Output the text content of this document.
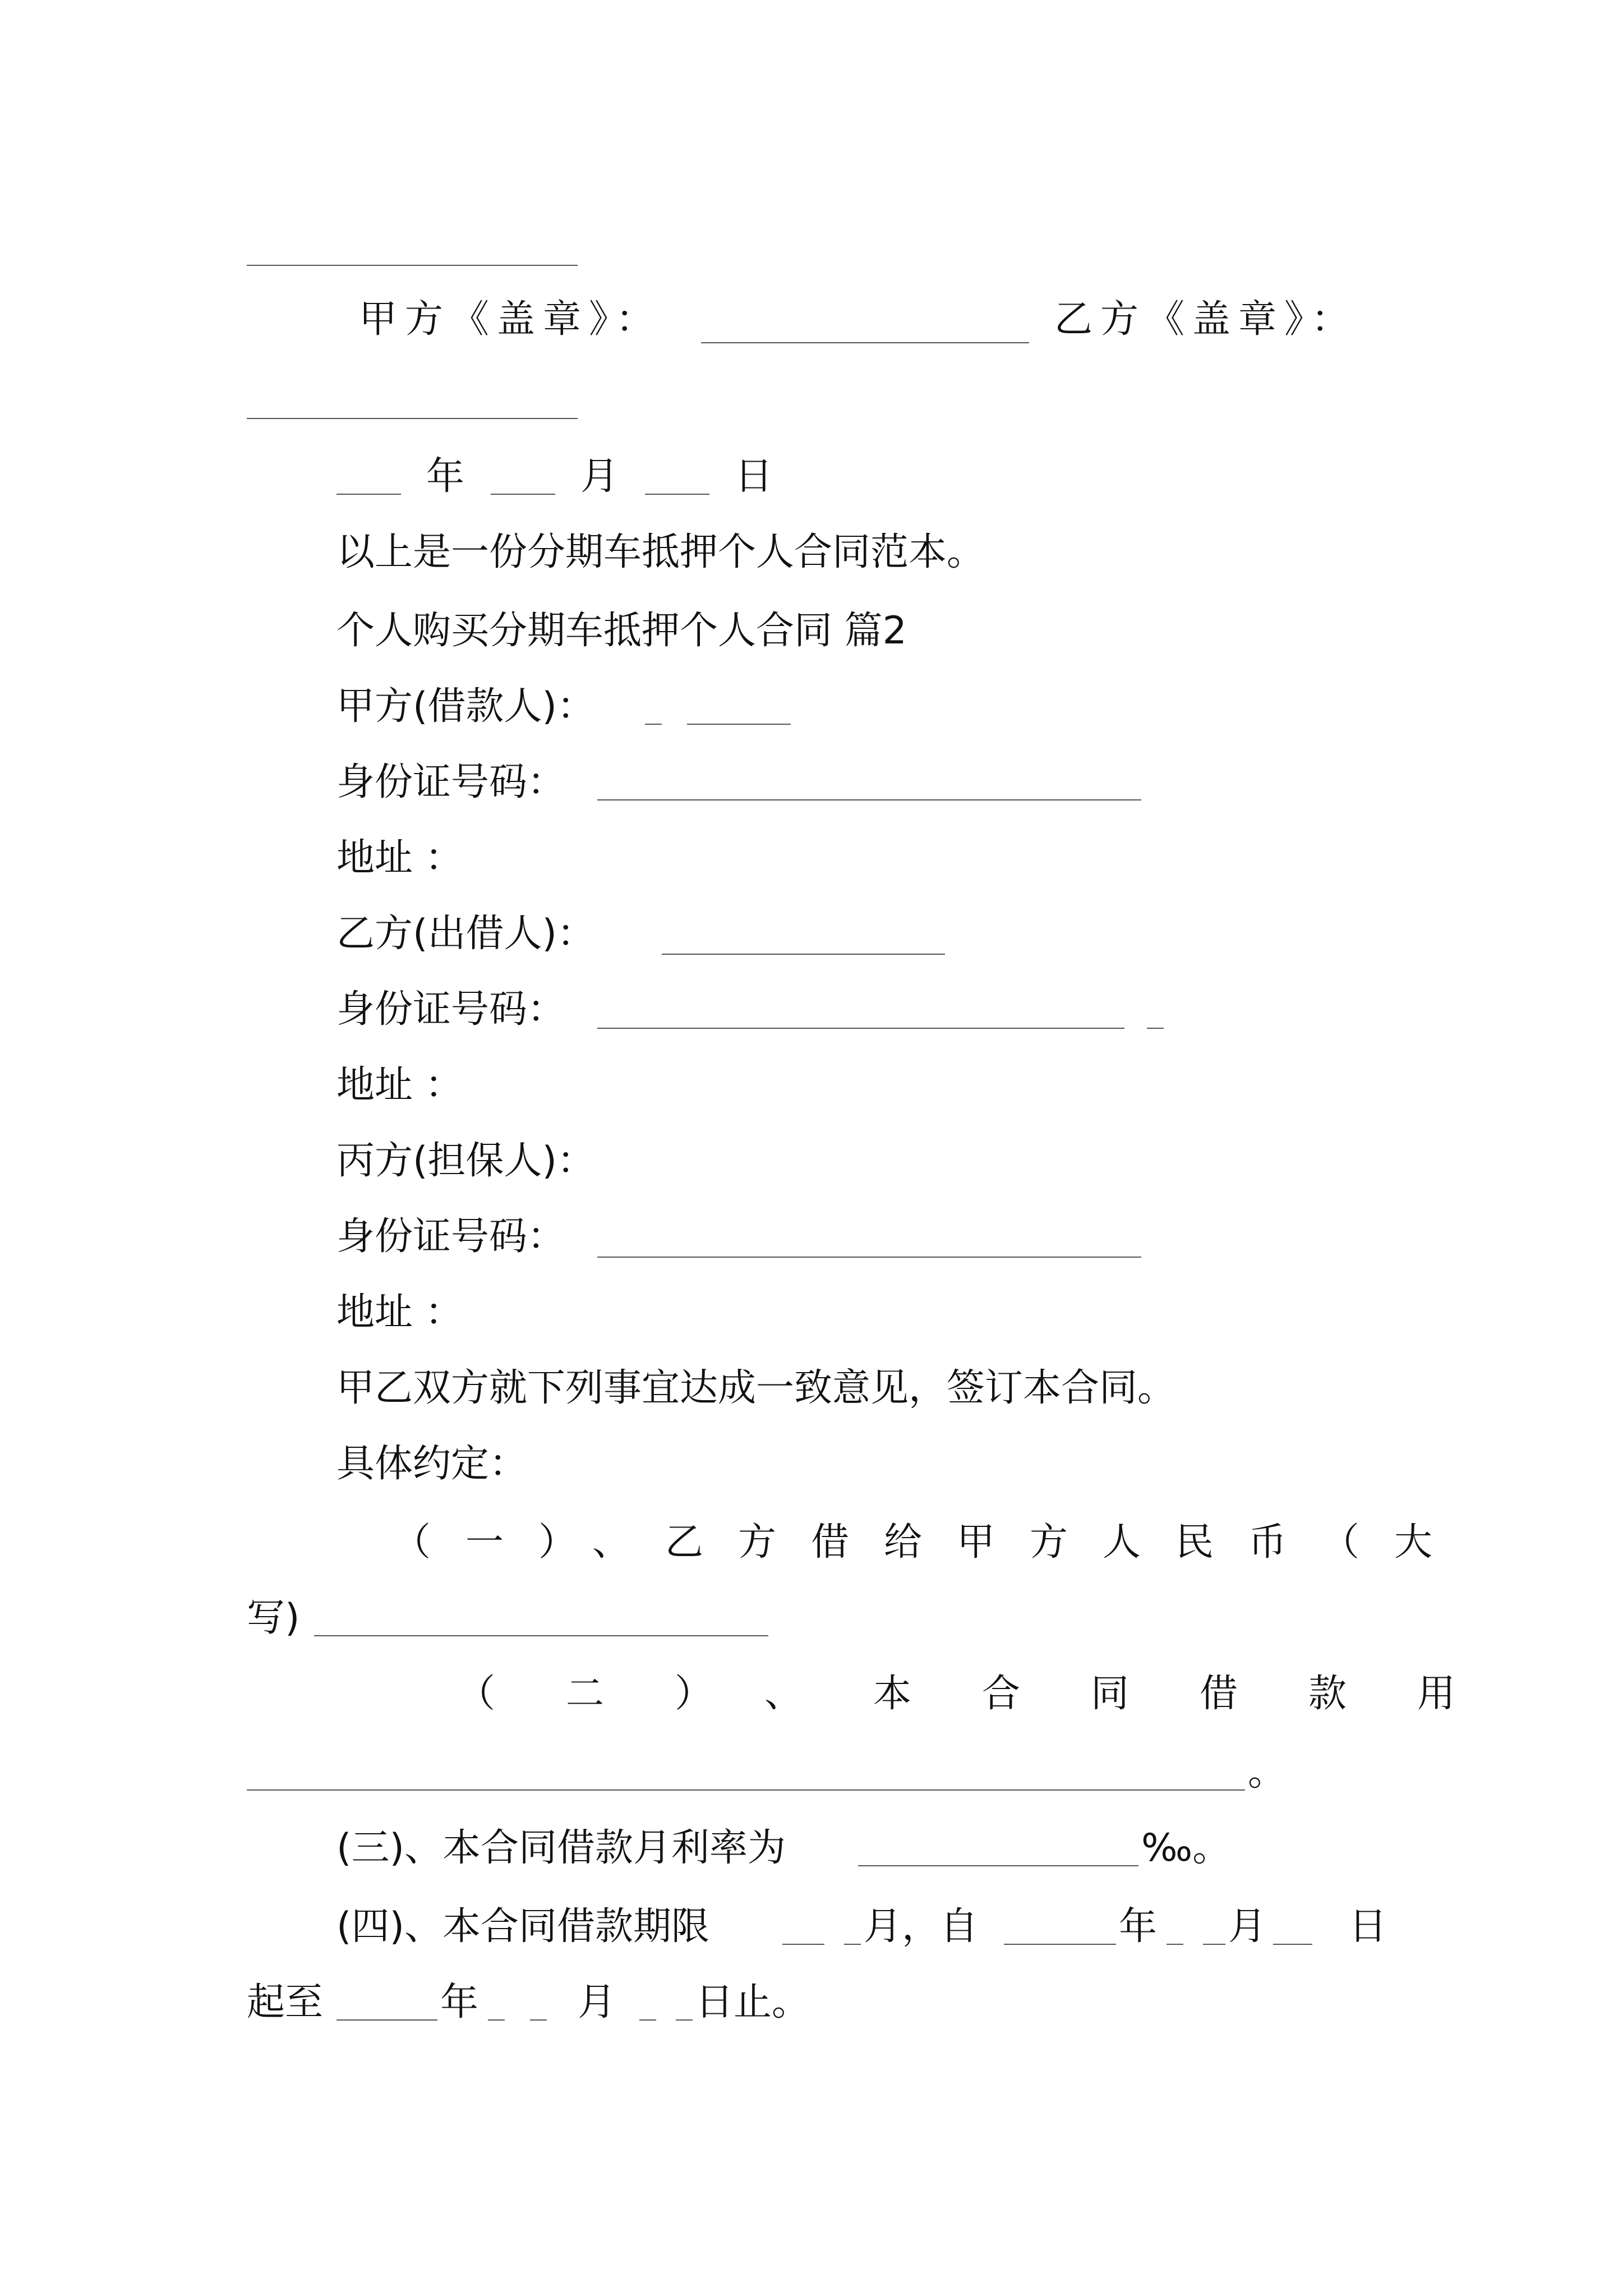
甲方《盖章》：	乙方《盖章》：
年	月	日
以上是一份分期车抵押个人合同范本。
个人购买分期车抵押个人合同 篇2
甲方(借款人)：
身份证号码：
地址 ：
乙方(出借人)：
身份证号码：
地址 ：
丙方(担保人)：
身份证号码：
地址 ：
甲乙双方就下列事宜达成一致意见，签订本合同。
具体约定：
（一）、乙方借给甲方人民币（大
写)
（二）、本合同借款用
。
(三)、本合同借款月利率为	‰。
(四)、本合同借款期限	月，自	年 月 日
起至	年	月 日止。
